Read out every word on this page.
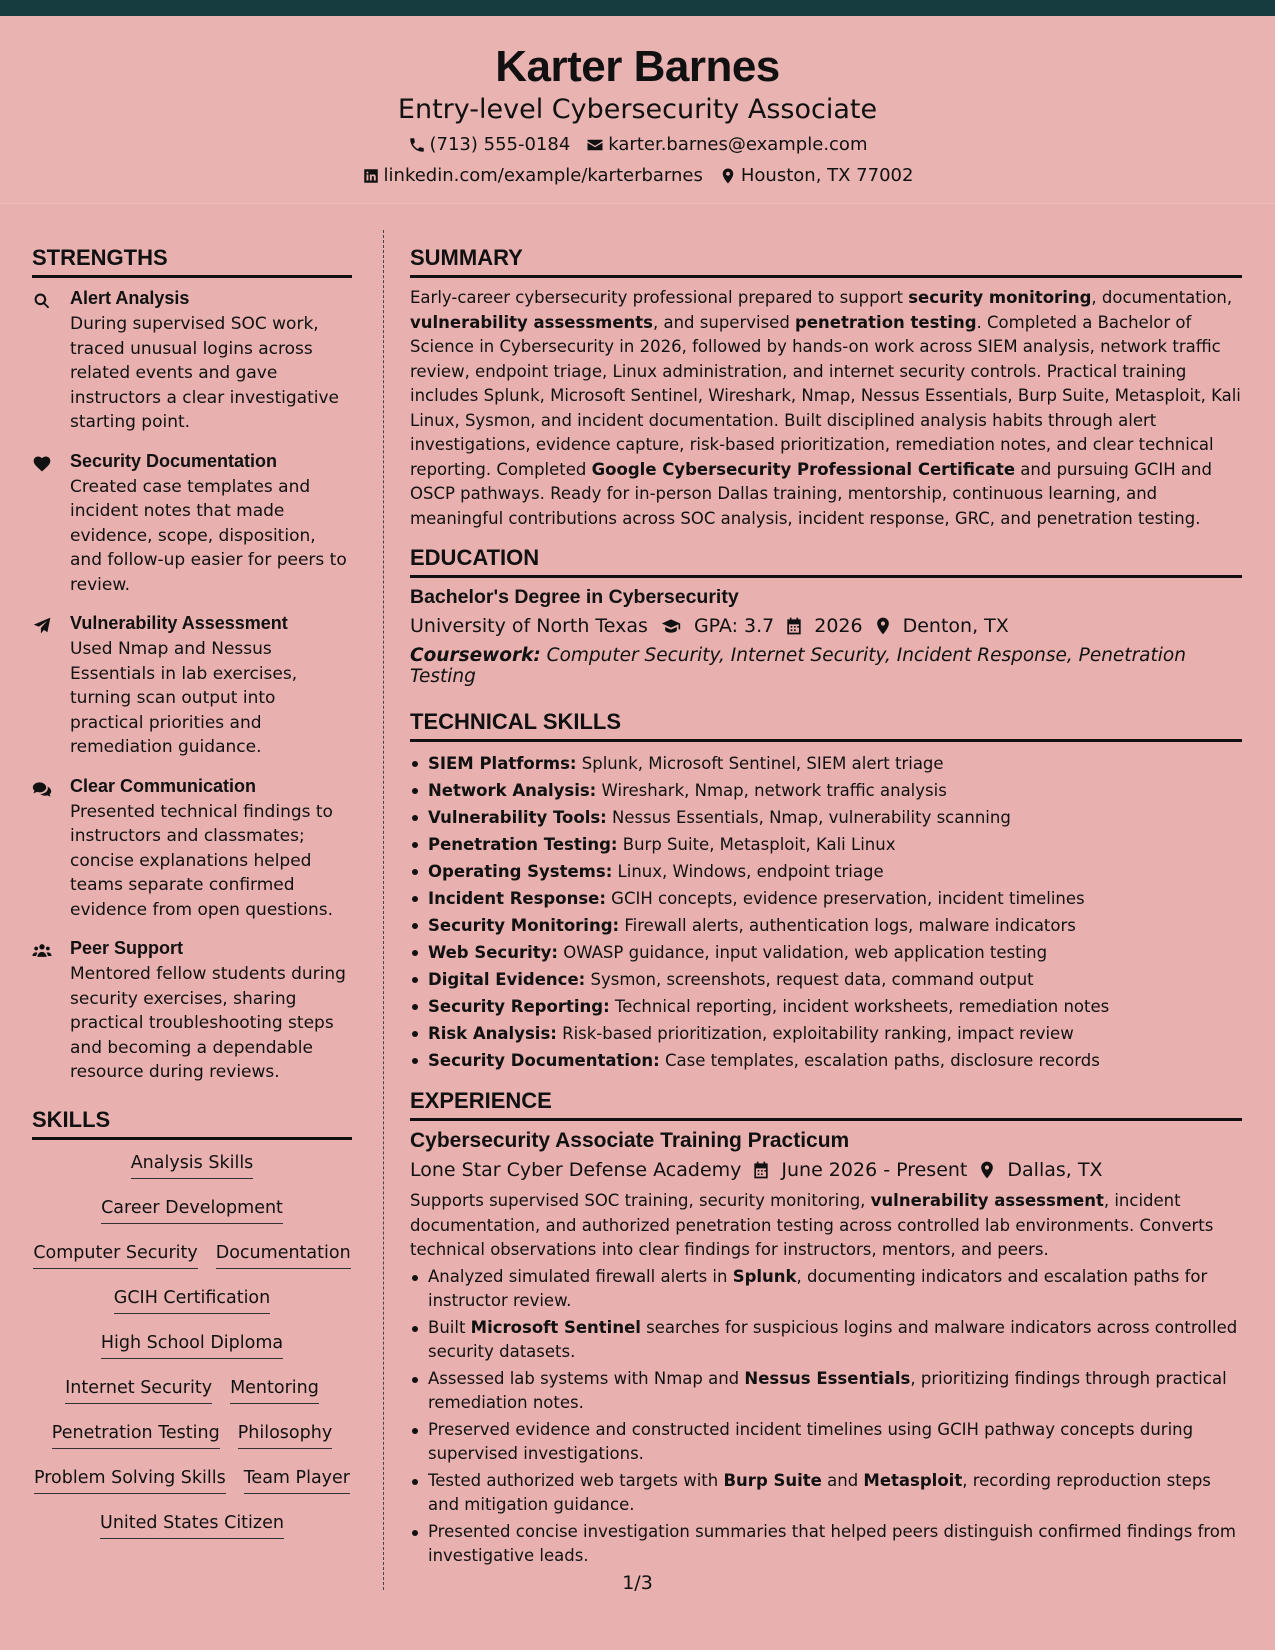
Karter Barnes
Entry-level Cybersecurity Associate
(713) 555-0184 karter.barnes@example.com
linkedin.com/example/karterbarnes Houston, TX 77002
STRENGTHS
Alert Analysis
During supervised SOC work, traced unusual logins across related events and gave instructors a clear investigative starting point.
Security Documentation
Created case templates and incident notes that made evidence, scope, disposition, and follow-up easier for peers to review.
Vulnerability Assessment
Used Nmap and Nessus Essentials in lab exercises, turning scan output into practical priorities and remediation guidance.
Clear Communication
Presented technical findings to instructors and classmates; concise explanations helped teams separate confirmed evidence from open questions.
Peer Support
Mentored fellow students during security exercises, sharing practical troubleshooting steps and becoming a dependable resource during reviews.
SKILLS
Analysis Skills
Career Development
Computer Security Documentation
GCIH Certification
High School Diploma
Internet Security Mentoring
Penetration Testing Philosophy
Problem Solving Skills Team Player
United States Citizen
SUMMARY
Early-career cybersecurity professional prepared to support security monitoring, documentation, vulnerability assessments, and supervised penetration testing. Completed a Bachelor of Science in Cybersecurity in 2026, followed by hands-on work across SIEM analysis, network traffic review, endpoint triage, Linux administration, and internet security controls. Practical training includes Splunk, Microsoft Sentinel, Wireshark, Nmap, Nessus Essentials, Burp Suite, Metasploit, Kali Linux, Sysmon, and incident documentation. Built disciplined analysis habits through alert investigations, evidence capture, risk-based prioritization, remediation notes, and clear technical reporting. Completed Google Cybersecurity Professional Certificate and pursuing GCIH and OSCP pathways. Ready for in-person Dallas training, mentorship, continuous learning, and meaningful contributions across SOC analysis, incident response, GRC, and penetration testing.
EDUCATION
Bachelor's Degree in Cybersecurity
University of North Texas GPA: 3.7 2026 Denton, TX
Coursework: Computer Security, Internet Security, Incident Response, Penetration Testing
TECHNICAL SKILLS
SIEM Platforms: Splunk, Microsoft Sentinel, SIEM alert triage
Network Analysis: Wireshark, Nmap, network traffic analysis
Vulnerability Tools: Nessus Essentials, Nmap, vulnerability scanning
Penetration Testing: Burp Suite, Metasploit, Kali Linux
Operating Systems: Linux, Windows, endpoint triage
Incident Response: GCIH concepts, evidence preservation, incident timelines
Security Monitoring: Firewall alerts, authentication logs, malware indicators
Web Security: OWASP guidance, input validation, web application testing
Digital Evidence: Sysmon, screenshots, request data, command output
Security Reporting: Technical reporting, incident worksheets, remediation notes
Risk Analysis: Risk-based prioritization, exploitability ranking, impact review
Security Documentation: Case templates, escalation paths, disclosure records
EXPERIENCE
Cybersecurity Associate Training Practicum
Lone Star Cyber Defense Academy June 2026 - Present Dallas, TX
Supports supervised SOC training, security monitoring, vulnerability assessment, incident documentation, and authorized penetration testing across controlled lab environments. Converts technical observations into clear findings for instructors, mentors, and peers.
Analyzed simulated firewall alerts in Splunk, documenting indicators and escalation paths for instructor review.
Built Microsoft Sentinel searches for suspicious logins and malware indicators across controlled security datasets.
Assessed lab systems with Nmap and Nessus Essentials, prioritizing findings through practical remediation notes.
Preserved evidence and constructed incident timelines using GCIH pathway concepts during supervised investigations.
Tested authorized web targets with Burp Suite and Metasploit, recording reproduction steps and mitigation guidance.
Presented concise investigation summaries that helped peers distinguish confirmed findings from investigative leads.
1/3
